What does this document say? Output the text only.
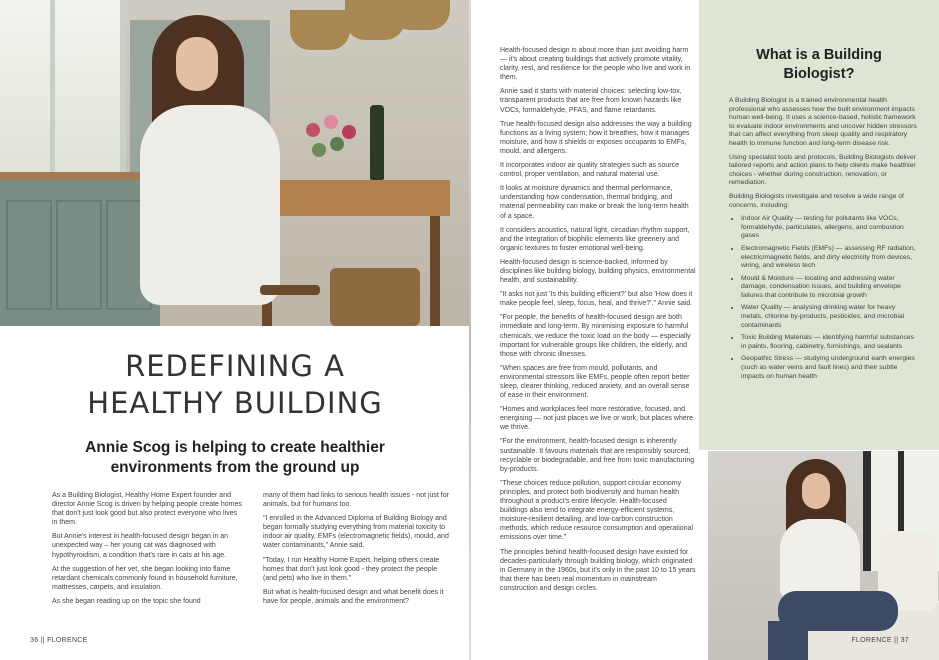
REDEFINING A
HEALTHY BUILDING
Annie Scog is helping to create healthier environments from the ground up

As a Building Biologist, Healthy Home Expert founder and director Annie Scog is driven by helping people create homes that don't just look good but also protect everyone who lives in them.

But Annie's interest in health-focused design began in an unexpected way – her young cat was diagnosed with hypothyroidism, a condition that's rare in cats at his age.

At the suggestion of her vet, she began looking into flame retardant chemicals commonly found in household furniture, mattresses, carpets, and insulation.

As she began reading up on the topic she found

many of them had links to serious health issues - not just for animals, but for humans too.

"I enrolled in the Advanced Diploma of Building Biology and began formally studying everything from material toxicity to indoor air quality, EMFs (electromagnetic fields), mould, and water contaminants," Annie said.

"Today, I run Healthy Home Expert, helping others create homes that don't just look good - they protect the people (and pets) who live in them."

But what is health-focused design and what benefit does it have for people, animals and the environment?

36 || FLORENCE

Health-focused design is about more than just avoiding harm — it's about creating buildings that actively promote vitality, clarity, rest, and resilience for the people who live and work in them.

Annie said it starts with material choices: selecting low-tox, transparent products that are free from known hazards like VOCs, formaldehyde, PFAS, and flame retardants.

True health-focused design also addresses the way a building functions as a living system; how it breathes, how it manages moisture, and how it shields or exposes occupants to EMFs, mould, and allergens.

It incorporates indoor air quality strategies such as source control, proper ventilation, and natural material use.

It looks at moisture dynamics and thermal performance, understanding how condensation, thermal bridging, and material permeability can make or break the long-term health of a space.

It considers acoustics, natural light, circadian rhythm support, and the integration of biophilic elements like greenery and organic textures to foster emotional well-being.

Health-focused design is science-backed, informed by disciplines like building biology, building physics, environmental health, and sustainability.

"It asks not just 'Is this building efficient?' but also 'How does it make people feel, sleep, focus, heal, and thrive?'," Annie said.

"For people, the benefits of health-focused design are both immediate and long-term. By minimising exposure to harmful chemicals, we reduce the toxic load on the body — especially important for vulnerable groups like children, the elderly, and those with chronic illnesses.

"When spaces are free from mould, pollutants, and environmental stressors like EMFs, people often report better sleep, clearer thinking, reduced anxiety, and an overall sense of ease in their environment.

"Homes and workplaces feel more restorative, focused, and energising — not just places we live or work, but places where we thrive.

"For the environment, health-focused design is inherently sustainable. It favours materials that are responsibly sourced, recyclable or biodegradable, and free from toxic manufacturing by-products.

"These choices reduce pollution, support circular economy principles, and protect both biodiversity and human health throughout a product's entire lifecycle. Health-focused buildings also tend to integrate energy-efficient systems, moisture-resilient detailing, and low-carbon construction methods, which reduce resource consumption and operational emissions over time."

The principles behind health-focused design have existed for decades-particularly through building biology, which originated in Germany in the 1960s, but it's only in the past 10 to 15 years that there has been real momentum in mainstream construction and design circles.

What is a Building Biologist?

A Building Biologist is a trained environmental health professional who assesses how the built environment impacts human well-being. It uses a science-based, holistic framework to evaluate indoor environments and uncover hidden stressors that can affect everything from sleep quality and respiratory health to immune function and long-term disease risk.

Using specialist tools and protocols, Building Biologists deliver tailored reports and action plans to help clients make healthier choices - whether during construction, renovation, or remediation.

Building Biologists investigate and resolve a wide range of concerns, including:

• Indoor Air Quality — testing for pollutants like VOCs, formaldehyde, particulates, allergens, and combustion gases
• Electromagnetic Fields (EMFs) — assessing RF radiation, electric/magnetic fields, and dirty electricity from devices, wiring, and wireless tech
• Mould & Moisture — locating and addressing water damage, condensation issues, and building envelope failures that contribute to microbial growth
• Water Quality — analysing drinking water for heavy metals, chlorine by-products, pesticides, and microbial contaminants
• Toxic Building Materials — identifying harmful substances in paints, flooring, cabinetry, furnishings, and sealants
• Geopathic Stress — studying underground earth energies (such as water veins and fault lines) and their subtle impacts on human health
FLORENCE || 37
